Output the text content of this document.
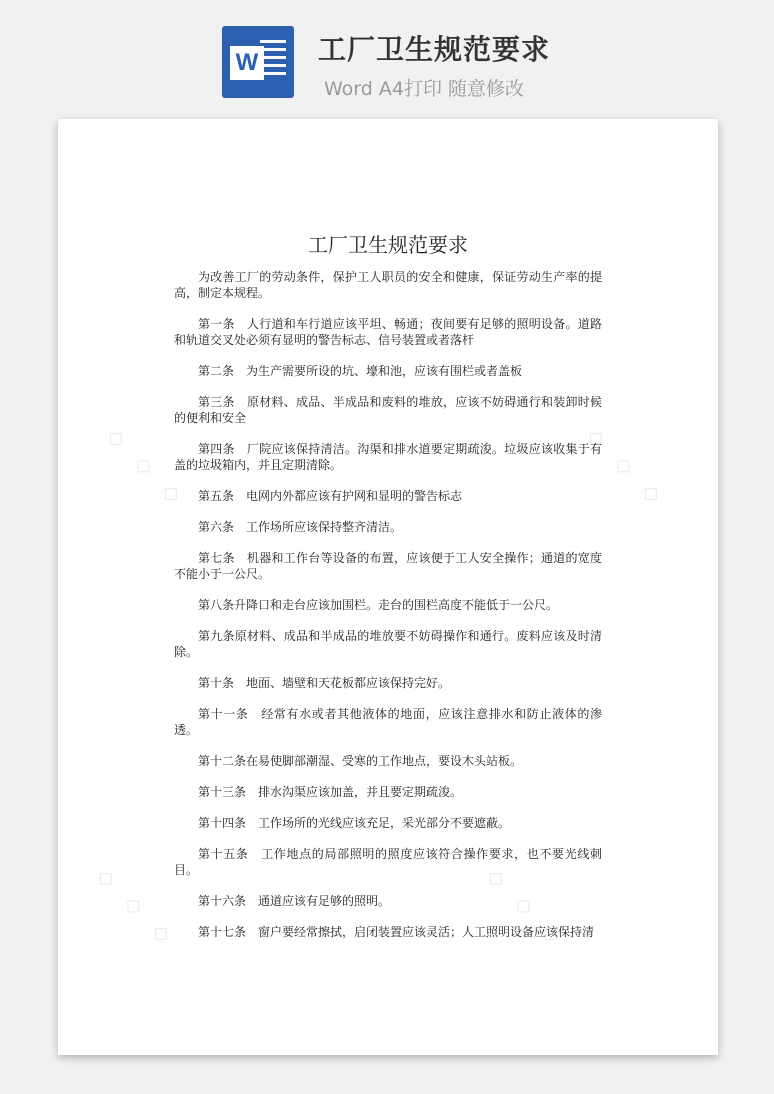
W 工厂卫生规范要求
Word A4打印 随意修改
◇　◇　◇	◇　◇　◇
◇　◇　◇	◇　◇　◇
工厂卫生规范要求

为改善工厂的劳动条件，保护工人职员的安全和健康，保证劳动生产率的提高，制定本规程。

第一条　人行道和车行道应该平坦、畅通；夜间要有足够的照明设备。道路和轨道交叉处必须有显明的警告标志、信号装置或者落杆

第二条　为生产需要所设的坑、壕和池，应该有围栏或者盖板

第三条　原材料、成品、半成品和废料的堆放，应该不妨碍通行和装卸时候的便利和安全

第四条　厂院应该保持清洁。沟渠和排水道要定期疏浚。垃圾应该收集于有盖的垃圾箱内，并且定期清除。

第五条　电网内外都应该有护网和显明的警告标志

第六条　工作场所应该保持整齐清洁。

第七条　机器和工作台等设备的布置，应该便于工人安全操作；通道的宽度不能小于一公尺。

第八条升降口和走台应该加围栏。走台的围栏高度不能低于一公尺。

第九条原材料、成品和半成品的堆放要不妨碍操作和通行。废料应该及时清除。

第十条　地面、墙壁和天花板都应该保持完好。

第十一条　经常有水或者其他液体的地面，应该注意排水和防止液体的渗透。

第十二条在易使脚部潮湿、受寒的工作地点，要设木头站板。

第十三条　排水沟渠应该加盖，并且要定期疏浚。

第十四条　工作场所的光线应该充足，采光部分不要遮蔽。

第十五条　工作地点的局部照明的照度应该符合操作要求，也不要光线刺目。

第十六条　通道应该有足够的照明。

第十七条　窗户要经常擦拭，启闭装置应该灵活；人工照明设备应该保持清
